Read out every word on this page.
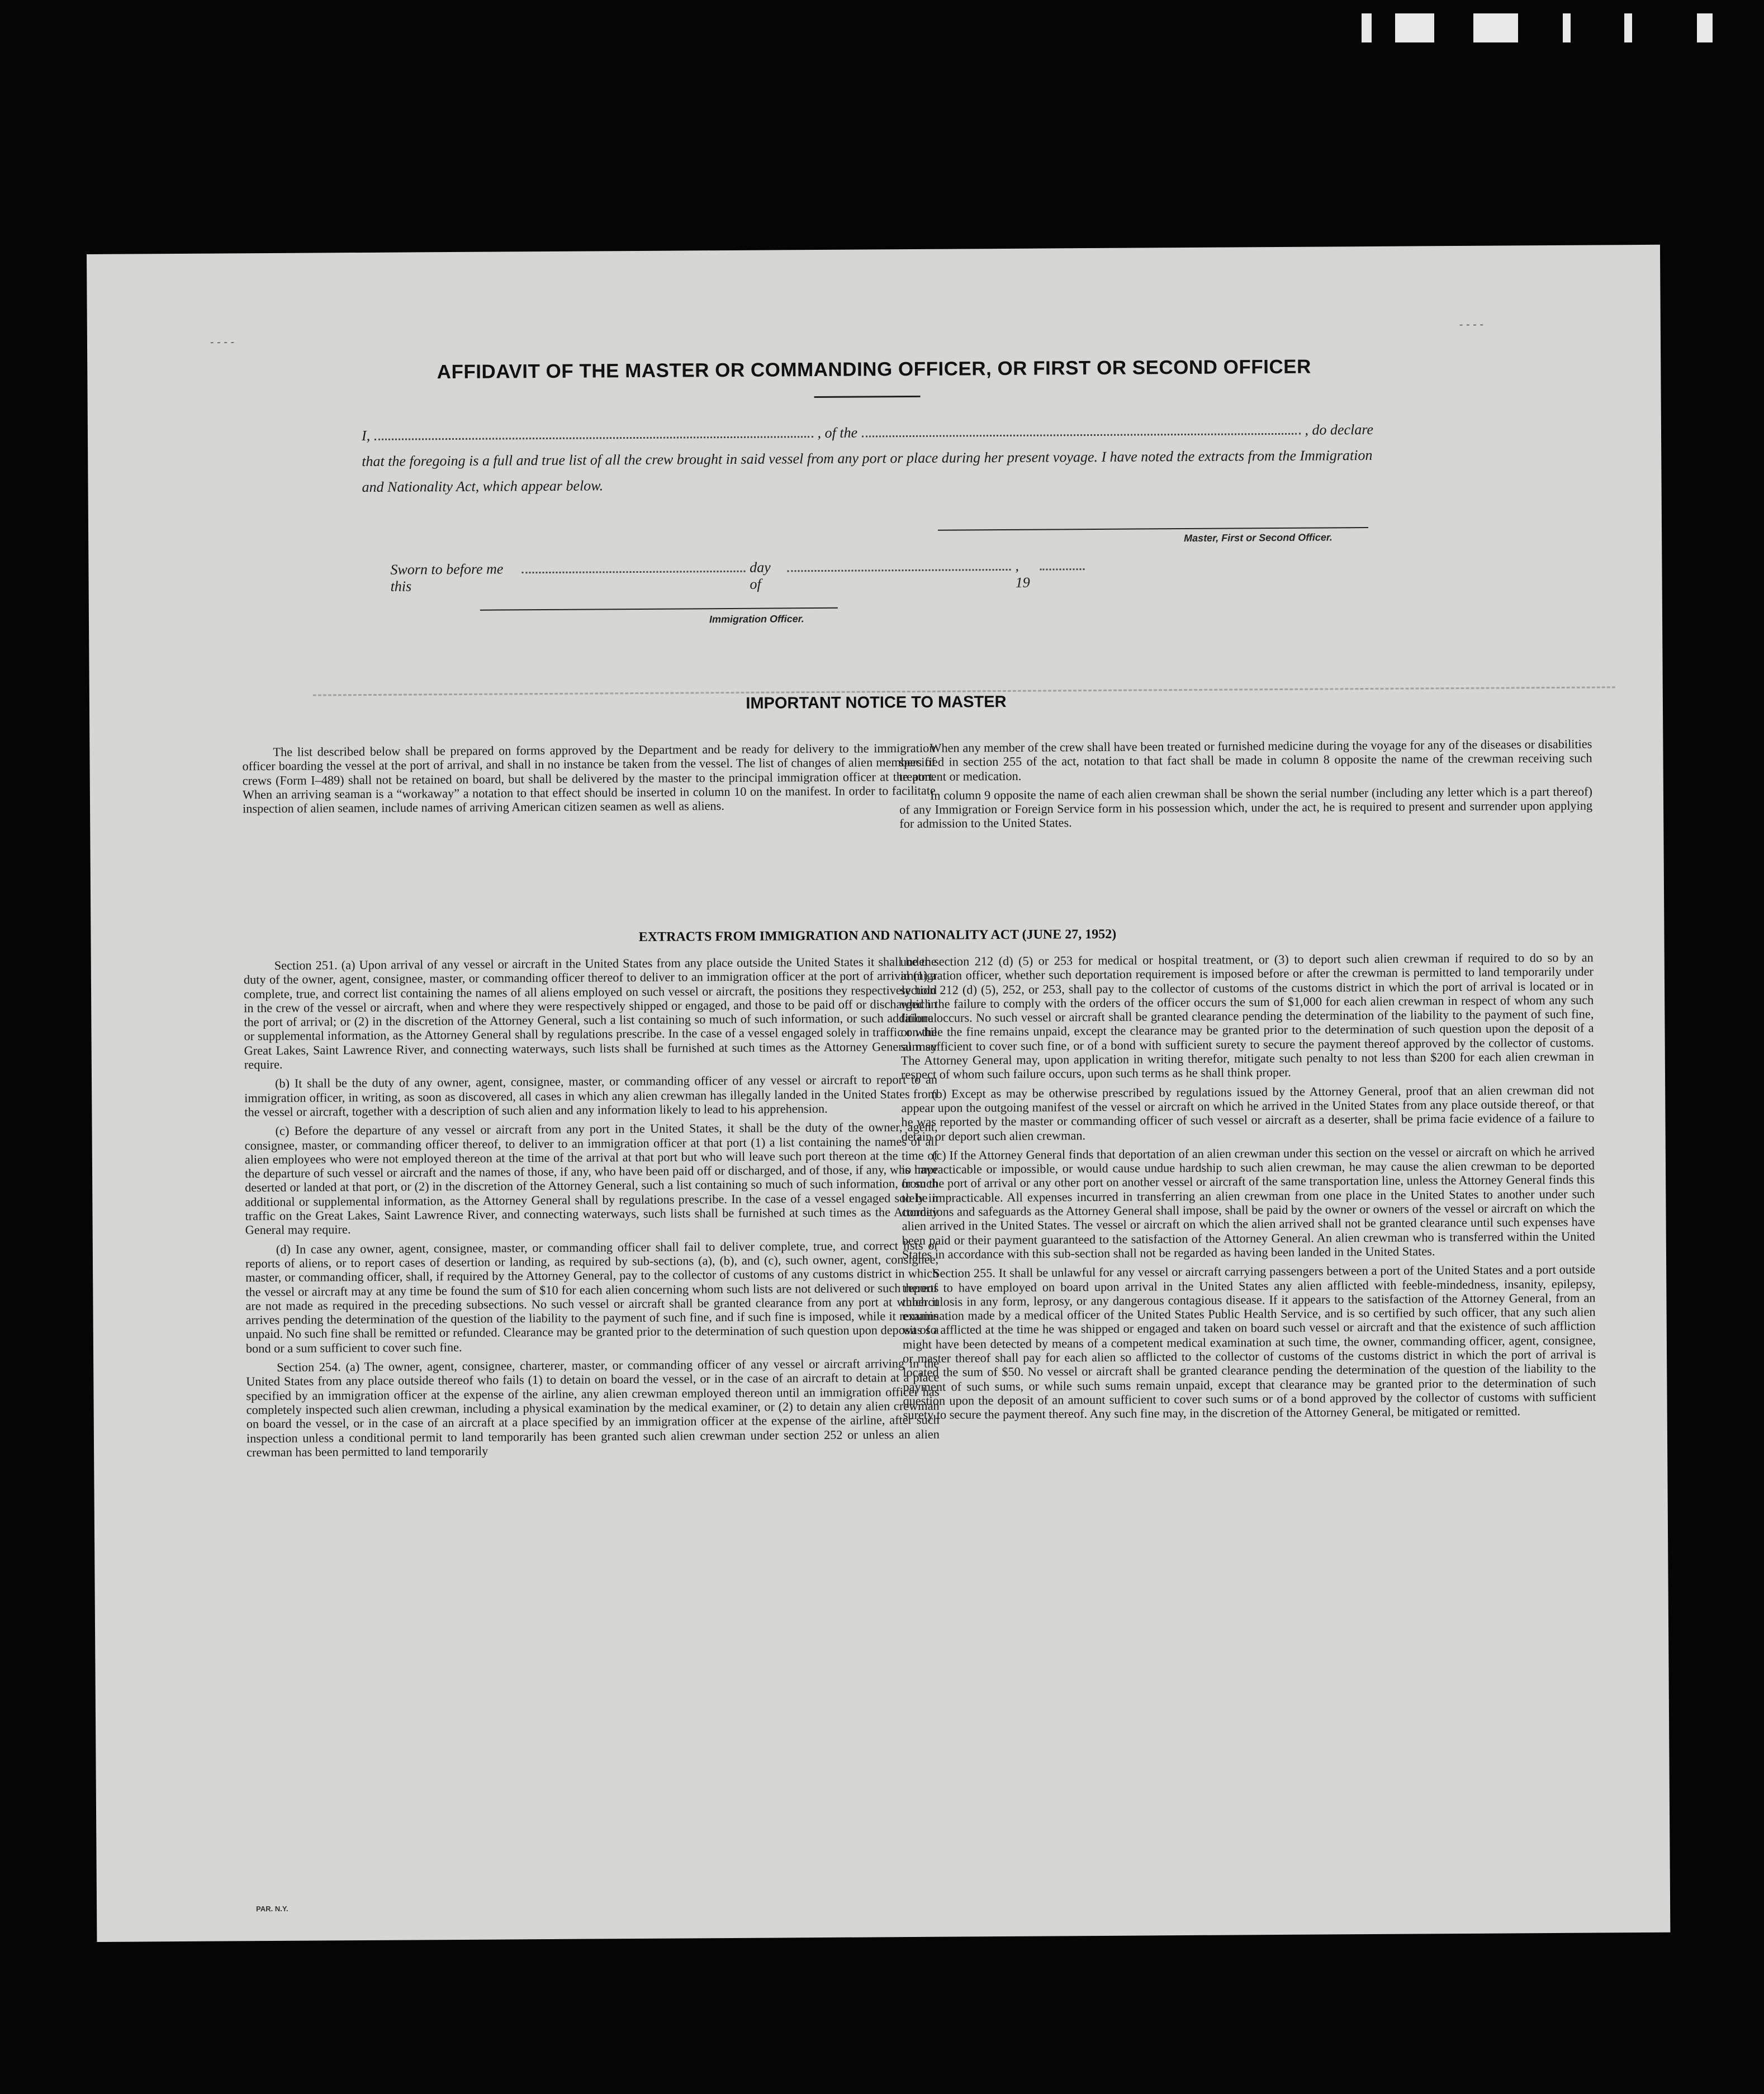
- - - -
- - - -
AFFIDAVIT OF THE MASTER OR COMMANDING OFFICER, OR FIRST OR SECOND OFFICER
I,	, of the	, do declare
that the foregoing is a full and true list of all the crew brought in said vessel from any port or place during her present voyage. I have noted the extracts from the Immigration and Nationality Act, which appear below.
Master, First or Second Officer.
Sworn to before me this
day of
, 19
Immigration Officer.
IMPORTANT NOTICE TO MASTER

The list described below shall be prepared on forms approved by the Department and be ready for delivery to the immigration officer boarding the vessel at the port of arrival, and shall in no instance be taken from the vessel. The list of changes of alien members of crews (Form I–489) shall not be retained on board, but shall be delivered by the master to the principal immigration officer at the port. When an arriving seaman is a “workaway” a notation to that effect should be inserted in column 10 on the manifest. In order to facilitate inspection of alien seamen, include names of arriving American citizen seamen as well as aliens.

When any member of the crew shall have been treated or furnished medicine during the voyage for any of the diseases or disabilities specified in section 255 of the act, notation to that fact shall be made in column 8 opposite the name of the crewman receiving such treatment or medication.

In column 9 opposite the name of each alien crewman shall be shown the serial number (including any letter which is a part thereof) of any Immigration or Foreign Service form in his possession which, under the act, he is required to present and surrender upon applying for admission to the United States.

EXTRACTS FROM IMMIGRATION AND NATIONALITY ACT (JUNE 27, 1952)

Section 251. (a) Upon arrival of any vessel or aircraft in the United States from any place outside the United States it shall be the duty of the owner, agent, consignee, master, or commanding officer thereof to deliver to an immigration officer at the port of arrival (1) a complete, true, and correct list containing the names of all aliens employed on such vessel or aircraft, the positions they respectively hold in the crew of the vessel or aircraft, when and where they were respectively shipped or engaged, and those to be paid off or discharged in the port of arrival; or (2) in the discretion of the Attorney General, such a list containing so much of such information, or such additional or supplemental information, as the Attorney General shall by regulations prescribe. In the case of a vessel engaged solely in traffic on the Great Lakes, Saint Lawrence River, and connecting waterways, such lists shall be furnished at such times as the Attorney General may require.

(b) It shall be the duty of any owner, agent, consignee, master, or commanding officer of any vessel or aircraft to report to an immigration officer, in writing, as soon as discovered, all cases in which any alien crewman has illegally landed in the United States from the vessel or aircraft, together with a description of such alien and any information likely to lead to his apprehension.

(c) Before the departure of any vessel or aircraft from any port in the United States, it shall be the duty of the owner, agent, consignee, master, or commanding officer thereof, to deliver to an immigration officer at that port (1) a list containing the names of all alien employees who were not employed thereon at the time of the arrival at that port but who will leave such port thereon at the time of the departure of such vessel or aircraft and the names of those, if any, who have been paid off or discharged, and of those, if any, who have deserted or landed at that port, or (2) in the discretion of the Attorney General, such a list containing so much of such information, or such additional or supplemental information, as the Attorney General shall by regulations prescribe. In the case of a vessel engaged solely in traffic on the Great Lakes, Saint Lawrence River, and connecting waterways, such lists shall be furnished at such times as the Attorney General may require.

(d) In case any owner, agent, consignee, master, or commanding officer shall fail to deliver complete, true, and correct lists or reports of aliens, or to report cases of desertion or landing, as required by sub-sections (a), (b), and (c), such owner, agent, consignee, master, or commanding officer, shall, if required by the Attorney General, pay to the collector of customs of any customs district in which the vessel or aircraft may at any time be found the sum of $10 for each alien concerning whom such lists are not delivered or such reports are not made as required in the preceding subsections. No such vessel or aircraft shall be granted clearance from any port at which it arrives pending the determination of the question of the liability to the payment of such fine, and if such fine is imposed, while it remains unpaid. No such fine shall be remitted or refunded. Clearance may be granted prior to the determination of such question upon deposit of a bond or a sum sufficient to cover such fine.

Section 254. (a) The owner, agent, consignee, charterer, master, or commanding officer of any vessel or aircraft arriving in the United States from any place outside thereof who fails (1) to detain on board the vessel, or in the case of an aircraft to detain at a place specified by an immigration officer at the expense of the airline, any alien crewman employed thereon until an immigration officer has completely inspected such alien crewman, including a physical examination by the medical examiner, or (2) to detain any alien crewman on board the vessel, or in the case of an aircraft at a place specified by an immigration officer at the expense of the airline, after such inspection unless a conditional permit to land temporarily has been granted such alien crewman under section 252 or unless an alien crewman has been permitted to land temporarily

under section 212 (d) (5) or 253 for medical or hospital treatment, or (3) to deport such alien crewman if required to do so by an immigration officer, whether such deportation requirement is imposed before or after the crewman is permitted to land temporarily under section 212 (d) (5), 252, or 253, shall pay to the collector of customs of the customs district in which the port of arrival is located or in which the failure to comply with the orders of the officer occurs the sum of $1,000 for each alien crewman in respect of whom any such failure occurs. No such vessel or aircraft shall be granted clearance pending the determination of the liability to the payment of such fine, or while the fine remains unpaid, except the clearance may be granted prior to the determination of such question upon the deposit of a sum sufficient to cover such fine, or of a bond with sufficient surety to secure the payment thereof approved by the collector of customs. The Attorney General may, upon application in writing therefor, mitigate such penalty to not less than $200 for each alien crewman in respect of whom such failure occurs, upon such terms as he shall think proper.

(b) Except as may be otherwise prescribed by regulations issued by the Attorney General, proof that an alien crewman did not appear upon the outgoing manifest of the vessel or aircraft on which he arrived in the United States from any place outside thereof, or that he was reported by the master or commanding officer of such vessel or aircraft as a deserter, shall be prima facie evidence of a failure to detain or deport such alien crewman.

(c) If the Attorney General finds that deportation of an alien crewman under this section on the vessel or aircraft on which he arrived is impracticable or impossible, or would cause undue hardship to such alien crewman, he may cause the alien crewman to be deported from the port of arrival or any other port on another vessel or aircraft of the same transportation line, unless the Attorney General finds this to be impracticable. All expenses incurred in transferring an alien crewman from one place in the United States to another under such conditions and safeguards as the Attorney General shall impose, shall be paid by the owner or owners of the vessel or aircraft on which the alien arrived in the United States. The vessel or aircraft on which the alien arrived shall not be granted clearance until such expenses have been paid or their payment guaranteed to the satisfaction of the Attorney General. An alien crewman who is transferred within the United States in accordance with this sub-section shall not be regarded as having been landed in the United States.

Section 255. It shall be unlawful for any vessel or aircraft carrying passengers between a port of the United States and a port outside thereof to have employed on board upon arrival in the United States any alien afflicted with feeble-mindedness, insanity, epilepsy, tuberculosis in any form, leprosy, or any dangerous contagious disease. If it appears to the satisfaction of the Attorney General, from an examination made by a medical officer of the United States Public Health Service, and is so certified by such officer, that any such alien was so afflicted at the time he was shipped or engaged and taken on board such vessel or aircraft and that the existence of such affliction might have been detected by means of a competent medical examination at such time, the owner, commanding officer, agent, consignee, or master thereof shall pay for each alien so afflicted to the collector of customs of the customs district in which the port of arrival is located the sum of $50. No vessel or aircraft shall be granted clearance pending the determination of the question of the liability to the payment of such sums, or while such sums remain unpaid, except that clearance may be granted prior to the determination of such question upon the deposit of an amount sufficient to cover such sums or of a bond approved by the collector of customs with sufficient surety to secure the payment thereof. Any such fine may, in the discretion of the Attorney General, be mitigated or remitted.

PAR. N.Y.
